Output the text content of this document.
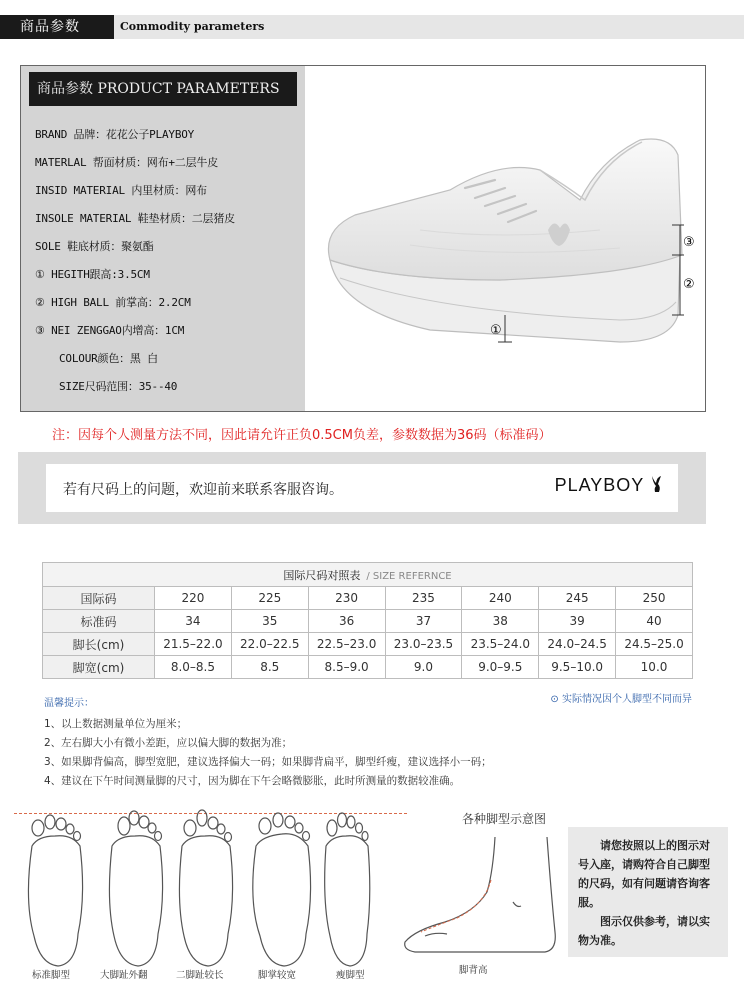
商品参数	Commodity parameters
商品参数 PRODUCT PARAMETERS
BRAND 品牌：花花公子PLAYBOY
MATERLAL 帮面材质：网布+二层牛皮
INSID MATERIAL 内里材质：网布
INSOLE MATERIAL 鞋垫材质：二层猪皮
SOLE 鞋底材质：聚氨酯
① HEGITH跟高:3.5CM
② HIGH BALL 前掌高：2.2CM
③ NEI ZENGGAO内增高：1CM
COLOUR颜色：黑 白
SIZE尺码范围：35--40
③
②
①
注：因每个人测量方法不同，因此请允许正负0.5CM负差，参数数据为36码（标准码）
若有尺码上的问题，欢迎前来联系客服咨询。	PLAYBOY
国际尺码对照表 / SIZE REFERNCE							
国际码	220	225	230	235	240	245	250
标准码	34	35	36	37	38	39	40
脚长(cm)	21.5–22.0	22.0–22.5	22.5–23.0	23.0–23.5	23.5–24.0	24.0–24.5	24.5–25.0
脚宽(cm)	8.0–8.5	8.5	8.5–9.0	9.0	9.0–9.5	9.5–10.0	10.0
温馨提示：	⊙ 实际情况因个人脚型不同而异
1、以上数据测量单位为厘米；
2、左右脚大小有微小差距，应以偏大脚的数据为准；
3、如果脚背偏高，脚型宽肥，建议选择偏大一码；如果脚背扁平，脚型纤瘦，建议选择小一码；
4、建议在下午时间测量脚的尺寸，因为脚在下午会略微膨胀，此时所测量的数据较准确。
标准脚型	大脚趾外翻	二脚趾较长	脚掌较宽	瘦脚型
各种脚型示意图
脚背高

请您按照以上的图示对号入座，请购符合自己脚型的尺码，如有问题请咨询客服。

图示仅供参考，请以实物为准。
